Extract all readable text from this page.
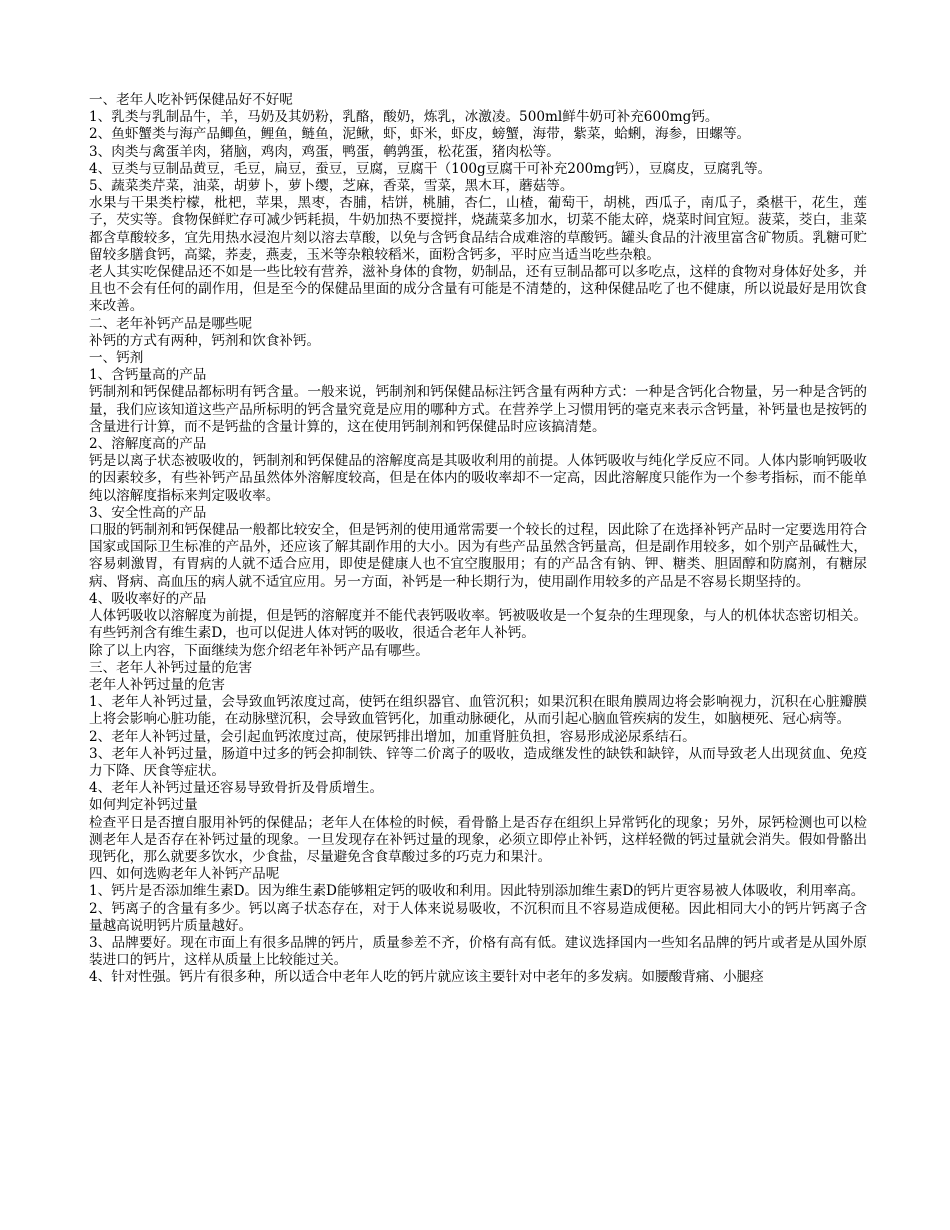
一、老年人吃补钙保健品好不好呢

1、乳类与乳制品牛，羊，马奶及其奶粉，乳酪，酸奶，炼乳，冰激凌。500ml鲜牛奶可补充600mg钙。

2、鱼虾蟹类与海产品鲫鱼，鲤鱼，鲢鱼，泥鳅，虾，虾米，虾皮，螃蟹，海带，紫菜，蛤蜊，海参，田螺等。

3、肉类与禽蛋羊肉，猪脑，鸡肉，鸡蛋，鸭蛋，鹌鹑蛋，松花蛋，猪肉松等。

4、豆类与豆制品黄豆，毛豆，扁豆，蚕豆，豆腐，豆腐干（100g豆腐干可补充200mg钙），豆腐皮，豆腐乳等。

5、蔬菜类芹菜，油菜，胡萝卜，萝卜缨，芝麻，香菜，雪菜，黑木耳，蘑菇等。

水果与干果类柠檬，枇杷，苹果，黑枣，杏脯，桔饼，桃脯，杏仁，山楂，葡萄干，胡桃，西瓜子，南瓜子，桑椹干，花生，莲子，芡实等。食物保鲜贮存可减少钙耗损，牛奶加热不要搅拌，烧蔬菜多加水，切菜不能太碎，烧菜时间宜短。菠菜，茭白，韭菜都含草酸较多，宜先用热水浸泡片刻以溶去草酸，以免与含钙食品结合成难溶的草酸钙。罐头食品的汁液里富含矿物质。乳糖可贮留较多膳食钙，高粱，荞麦，燕麦，玉米等杂粮较稻米，面粉含钙多，平时应当适当吃些杂粮。

老人其实吃保健品还不如是一些比较有营养，滋补身体的食物，奶制品，还有豆制品都可以多吃点，这样的食物对身体好处多，并且也不会有任何的副作用，但是至今的保健品里面的成分含量有可能是不清楚的，这种保健品吃了也不健康，所以说最好是用饮食来改善。

二、老年补钙产品是哪些呢

补钙的方式有两种，钙剂和饮食补钙。

一、钙剂

1、含钙量高的产品

钙制剂和钙保健品都标明有钙含量。一般来说，钙制剂和钙保健品标注钙含量有两种方式：一种是含钙化合物量，另一种是含钙的量，我们应该知道这些产品所标明的钙含量究竟是应用的哪种方式。在营养学上习惯用钙的毫克来表示含钙量，补钙量也是按钙的含量进行计算，而不是钙盐的含量计算的，这在使用钙制剂和钙保健品时应该搞清楚。

2、溶解度高的产品

钙是以离子状态被吸收的，钙制剂和钙保健品的溶解度高是其吸收利用的前提。人体钙吸收与纯化学反应不同。人体内影响钙吸收的因素较多，有些补钙产品虽然体外溶解度较高，但是在体内的吸收率却不一定高，因此溶解度只能作为一个参考指标，而不能单纯以溶解度指标来判定吸收率。

3、安全性高的产品

口服的钙制剂和钙保健品一般都比较安全，但是钙剂的使用通常需要一个较长的过程，因此除了在选择补钙产品时一定要选用符合国家或国际卫生标准的产品外，还应该了解其副作用的大小。因为有些产品虽然含钙量高，但是副作用较多，如个别产品碱性大，容易刺激胃，有胃病的人就不适合应用，即使是健康人也不宜空腹服用；有的产品含有钠、钾、糖类、胆固醇和防腐剂，有糖尿病、肾病、高血压的病人就不适宜应用。另一方面，补钙是一种长期行为，使用副作用较多的产品是不容易长期坚持的。

4、吸收率好的产品

人体钙吸收以溶解度为前提，但是钙的溶解度并不能代表钙吸收率。钙被吸收是一个复杂的生理现象，与人的机体状态密切相关。有些钙剂含有维生素D，也可以促进人体对钙的吸收，很适合老年人补钙。

除了以上内容，下面继续为您介绍老年补钙产品有哪些。

三、老年人补钙过量的危害

老年人补钙过量的危害

1、老年人补钙过量，会导致血钙浓度过高，使钙在组织器官、血管沉积；如果沉积在眼角膜周边将会影响视力，沉积在心脏瓣膜上将会影响心脏功能，在动脉壁沉积，会导致血管钙化，加重动脉硬化，从而引起心脑血管疾病的发生，如脑梗死、冠心病等。

2、老年人补钙过量，会引起血钙浓度过高，使尿钙排出增加，加重肾脏负担，容易形成泌尿系结石。

3、老年人补钙过量，肠道中过多的钙会抑制铁、锌等二价离子的吸收，造成继发性的缺铁和缺锌，从而导致老人出现贫血、免疫力下降、厌食等症状。

4、老年人补钙过量还容易导致骨折及骨质增生。

如何判定补钙过量

检查平日是否擅自服用补钙的保健品；老年人在体检的时候，看骨骼上是否存在组织上异常钙化的现象；另外，尿钙检测也可以检测老年人是否存在补钙过量的现象。一旦发现存在补钙过量的现象，必须立即停止补钙，这样轻微的钙过量就会消失。假如骨骼出现钙化，那么就要多饮水，少食盐，尽量避免含食草酸过多的巧克力和果汁。

四、如何选购老年人补钙产品呢

1、钙片是否添加维生素D。因为维生素D能够粗定钙的吸收和利用。因此特别添加维生素D的钙片更容易被人体吸收，利用率高。

2、钙离子的含量有多少。钙以离子状态存在，对于人体来说易吸收，不沉积而且不容易造成便秘。因此相同大小的钙片钙离子含量越高说明钙片质量越好。

3、品牌要好。现在市面上有很多品牌的钙片，质量参差不齐，价格有高有低。建议选择国内一些知名品牌的钙片或者是从国外原装进口的钙片，这样从质量上比较能过关。

4、针对性强。钙片有很多种，所以适合中老年人吃的钙片就应该主要针对中老年的多发病。如腰酸背痛、小腿痉
